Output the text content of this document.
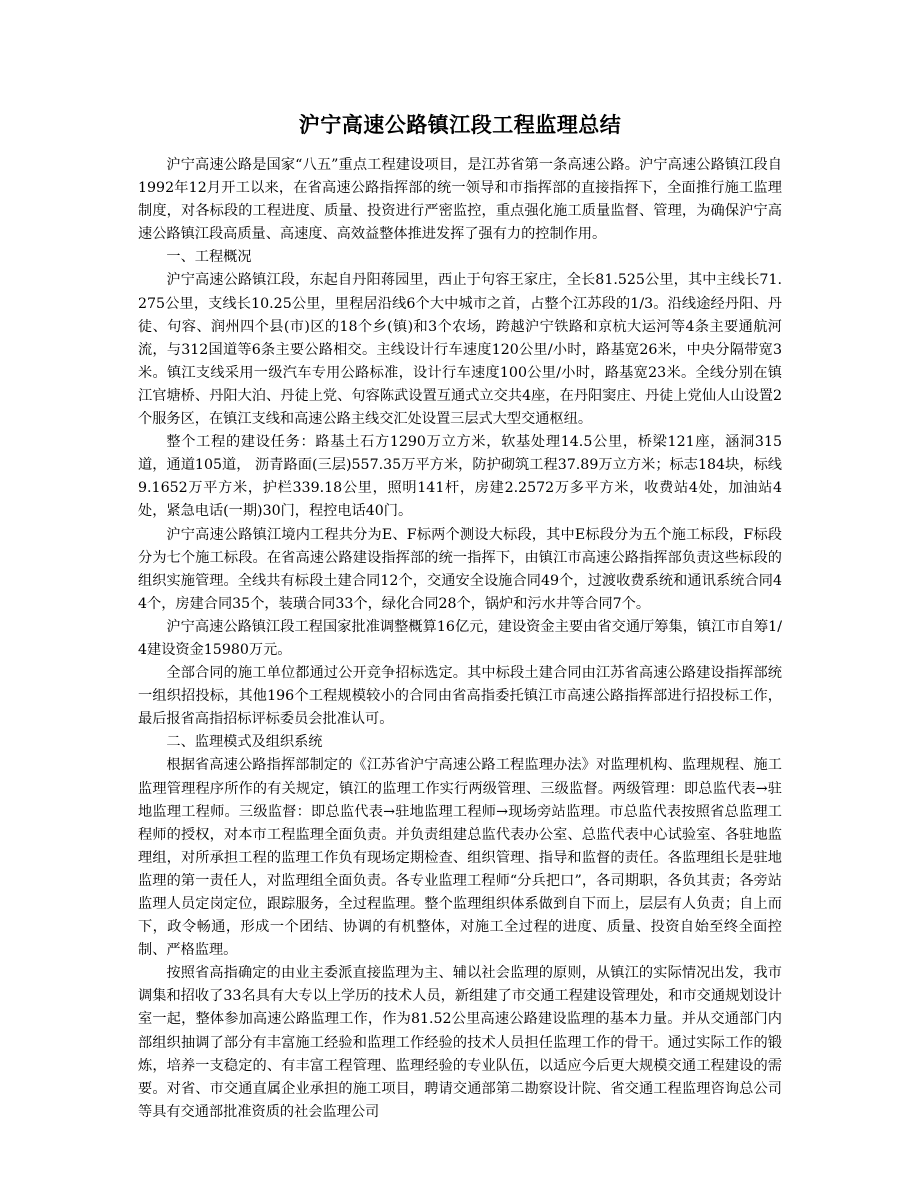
沪宁高速公路镇江段工程监理总结

沪宁高速公路是国家“八五”重点工程建设项目，是江苏省第一条高速公路。沪宁高速公路镇江段自1992年12月开工以来，在省高速公路指挥部的统一领导和市指挥部的直接指挥下，全面推行施工监理制度，对各标段的工程进度、质量、投资进行严密监控，重点强化施工质量监督、管理，为确保沪宁高速公路镇江段高质量、高速度、高效益整体推进发挥了强有力的控制作用。

一、工程概况

沪宁高速公路镇江段，东起自丹阳蒋园里，西止于句容王家庄，全长81.525公里，其中主线长71.275公里，支线长10.25公里，里程居沿线6个大中城市之首，占整个江苏段的1/3。沿线途经丹阳、丹徒、句容、润州四个县(市)区的18个乡(镇)和3个农场，跨越沪宁铁路和京杭大运河等4条主要通航河流，与312国道等6条主要公路相交。主线设计行车速度120公里/小时，路基宽26米，中央分隔带宽3米。镇江支线采用一级汽车专用公路标准，设计行车速度100公里/小时，路基宽23米。全线分别在镇江官塘桥、丹阳大泊、丹徒上党、句容陈武设置互通式立交共4座，在丹阳窦庄、丹徒上党仙人山设置2个服务区，在镇江支线和高速公路主线交汇处设置三层式大型交通枢纽。

整个工程的建设任务：路基土石方1290万立方米，软基处理14.5公里，桥梁121座，涵洞315道，通道105道， 沥青路面(三层)557.35万平方米，防护砌筑工程37.89万立方米；标志184块，标线9.1652万平方米，护栏339.18公里，照明141杆，房建2.2572万多平方米，收费站4处，加油站4处，紧急电话(一期)30门，程控电话40门。

沪宁高速公路镇江境内工程共分为E、F标两个测设大标段，其中E标段分为五个施工标段，F标段分为七个施工标段。在省高速公路建设指挥部的统一指挥下，由镇江市高速公路指挥部负责这些标段的组织实施管理。全线共有标段土建合同12个，交通安全设施合同49个，过渡收费系统和通讯系统合同44个，房建合同35个，装璜合同33个，绿化合同28个，锅炉和污水井等合同7个。

沪宁高速公路镇江段工程国家批准调整概算16亿元，建设资金主要由省交通厅筹集，镇江市自筹1/4建设资金15980万元。

全部合同的施工单位都通过公开竞争招标选定。其中标段土建合同由江苏省高速公路建设指挥部统一组织招投标，其他196个工程规模较小的合同由省高指委托镇江市高速公路指挥部进行招投标工作，最后报省高指招标评标委员会批准认可。

二、监理模式及组织系统

根据省高速公路指挥部制定的《江苏省沪宁高速公路工程监理办法》对监理机构、监理规程、施工监理管理程序所作的有关规定，镇江的监理工作实行两级管理、三级监督。两级管理：即总监代表→驻地监理工程师。三级监督：即总监代表→驻地监理工程师→现场旁站监理。市总监代表按照省总监理工程师的授权，对本市工程监理全面负责。并负责组建总监代表办公室、总监代表中心试验室、各驻地监理组，对所承担工程的监理工作负有现场定期检查、组织管理、指导和监督的责任。各监理组长是驻地监理的第一责任人，对监理组全面负责。各专业监理工程师“分兵把口”，各司期职，各负其责；各旁站监理人员定岗定位，跟踪服务，全过程监理。整个监理组织体系做到自下而上，层层有人负责；自上而下，政令畅通，形成一个团结、协调的有机整体，对施工全过程的进度、质量、投资自始至终全面控制、严格监理。

按照省高指确定的由业主委派直接监理为主、辅以社会监理的原则，从镇江的实际情况出发，我市调集和招收了33名具有大专以上学历的技术人员，新组建了市交通工程建设管理处，和市交通规划设计室一起，整体参加高速公路监理工作，作为81.52公里高速公路建设监理的基本力量。并从交通部门内部组织抽调了部分有丰富施工经验和监理工作经验的技术人员担任监理工作的骨干。通过实际工作的锻炼，培养一支稳定的、有丰富工程管理、监理经验的专业队伍，以适应今后更大规模交通工程建设的需要。对省、市交通直属企业承担的施工项目，聘请交通部第二勘察设计院、省交通工程监理咨询总公司等具有交通部批准资质的社会监理公司
